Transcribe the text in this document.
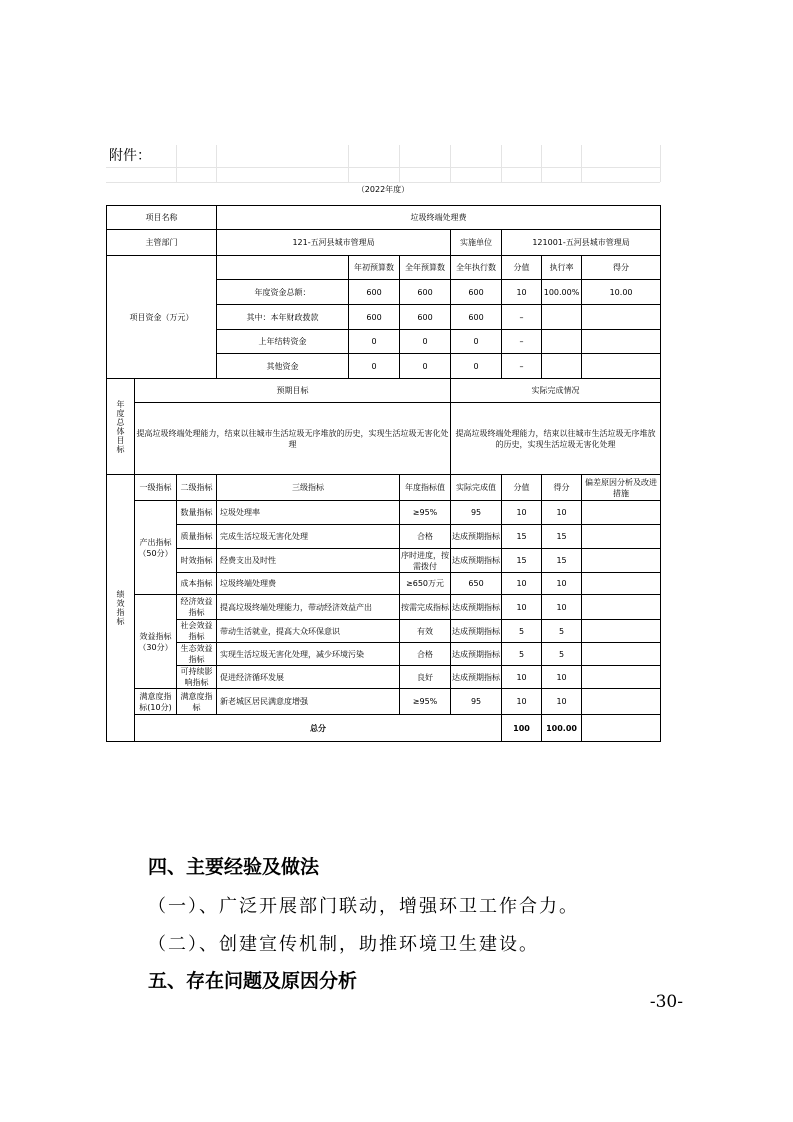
附件：
（2022年度）
项目名称			垃圾终端处理费						
主管部门			121-五河县城市管理局			实施单位	121001-五河县城市管理局		
项目资金（万元）				年初预算数	全年预算数	全年执行数	分值	执行率	得分
			年度资金总额：	600	600	600	10	100.00%	10.00
			其中：本年财政拨款	600	600	600	–		
			上年结转资金	0	0	0	–		
			其他资金	0	0	0	–		

年度总体目标	预期目标					实际完成情况			
	提高垃圾终端处理能力，结束以往城市生活垃圾无序堆放的历史，实现生活垃圾无害化处理					提高垃圾终端处理能力，结束以往城市生活垃圾无序堆放的历史，实现生活垃圾无害化处理			

绩效指标	一级指标	二级指标	三级指标		年度指标值	实际完成值	分值	得分	偏差原因分析及改进措施
	产出指标（50分）	数量指标	垃圾处理率		≥95%	95	10	10	
		质量指标	完成生活垃圾无害化处理		合格	达成预期指标	15	15	
		时效指标	经费支出及时性		序时进度，按需拨付	达成预期指标	15	15	
		成本指标	垃圾终端处理费		≥650万元	650	10	10	
	效益指标（30分）	经济效益指标	提高垃圾终端处理能力，带动经济效益产出		按需完成指标	达成预期指标	10	10	
		社会效益指标	带动生活就业，提高大众环保意识		有效	达成预期指标	5	5	
		生态效益指标	实现生活垃圾无害化处理，减少环境污染		合格	达成预期指标	5	5	
		可持续影响指标	促进经济循环发展		良好	达成预期指标	10	10	
	满意度指标(10分)	满意度指标	新老城区居民满意度增强		≥95%	95	10	10	
	总分						100	100.00	
四、主要经验及做法
（一）、广泛开展部门联动，增强环卫工作合力。
（二）、创建宣传机制，助推环境卫生建设。
五、存在问题及原因分析
-30-
